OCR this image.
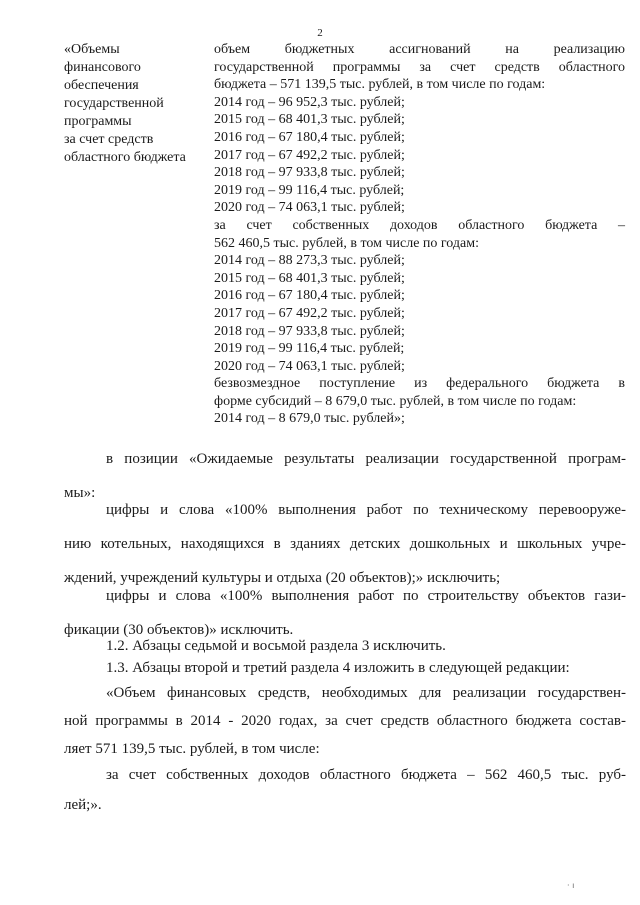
2
«Объемы
финансового
обеспечения
государственной
программы
за счет средств
областного бюджета
объем бюджетных ассигнований на реализацию
государственной программы за счет средств областного
бюджета – 571 139,5 тыс. рублей, в том числе по годам:
2014 год – 96 952,3 тыс. рублей;
2015 год – 68 401,3 тыс. рублей;
2016 год – 67 180,4 тыс. рублей;
2017 год – 67 492,2 тыс. рублей;
2018 год – 97 933,8 тыс. рублей;
2019 год – 99 116,4 тыс. рублей;
2020 год – 74 063,1 тыс. рублей;
за счет собственных доходов областного бюджета –
562 460,5 тыс. рублей, в том числе по годам:
2014 год – 88 273,3 тыс. рублей;
2015 год – 68 401,3 тыс. рублей;
2016 год – 67 180,4 тыс. рублей;
2017 год – 67 492,2 тыс. рублей;
2018 год – 97 933,8 тыс. рублей;
2019 год – 99 116,4 тыс. рублей;
2020 год – 74 063,1 тыс. рублей;
безвозмездное поступление из федерального бюджета в
форме субсидий – 8 679,0 тыс. рублей, в том числе по годам:
2014 год – 8 679,0 тыс. рублей»;
в позиции «Ожидаемые результаты реализации государственной програм-
мы»:
цифры и слова «100% выполнения работ по техническому перевооруже-
нию котельных, находящихся в зданиях детских дошкольных и школьных учре-
ждений, учреждений культуры и отдыха (20 объектов);» исключить;
цифры и слова «100% выполнения работ по строительству объектов гази-
фикации (30 объектов)» исключить.
1.2. Абзацы седьмой и восьмой раздела 3 исключить.
1.3. Абзацы второй и третий раздела 4 изложить в следующей редакции:
«Объем финансовых средств, необходимых для реализации государствен-
ной программы в 2014 - 2020 годах, за счет средств областного бюджета состав-
ляет 571 139,5 тыс. рублей, в том числе:
за счет собственных доходов областного бюджета – 562 460,5 тыс. руб-
лей;».
· ı
